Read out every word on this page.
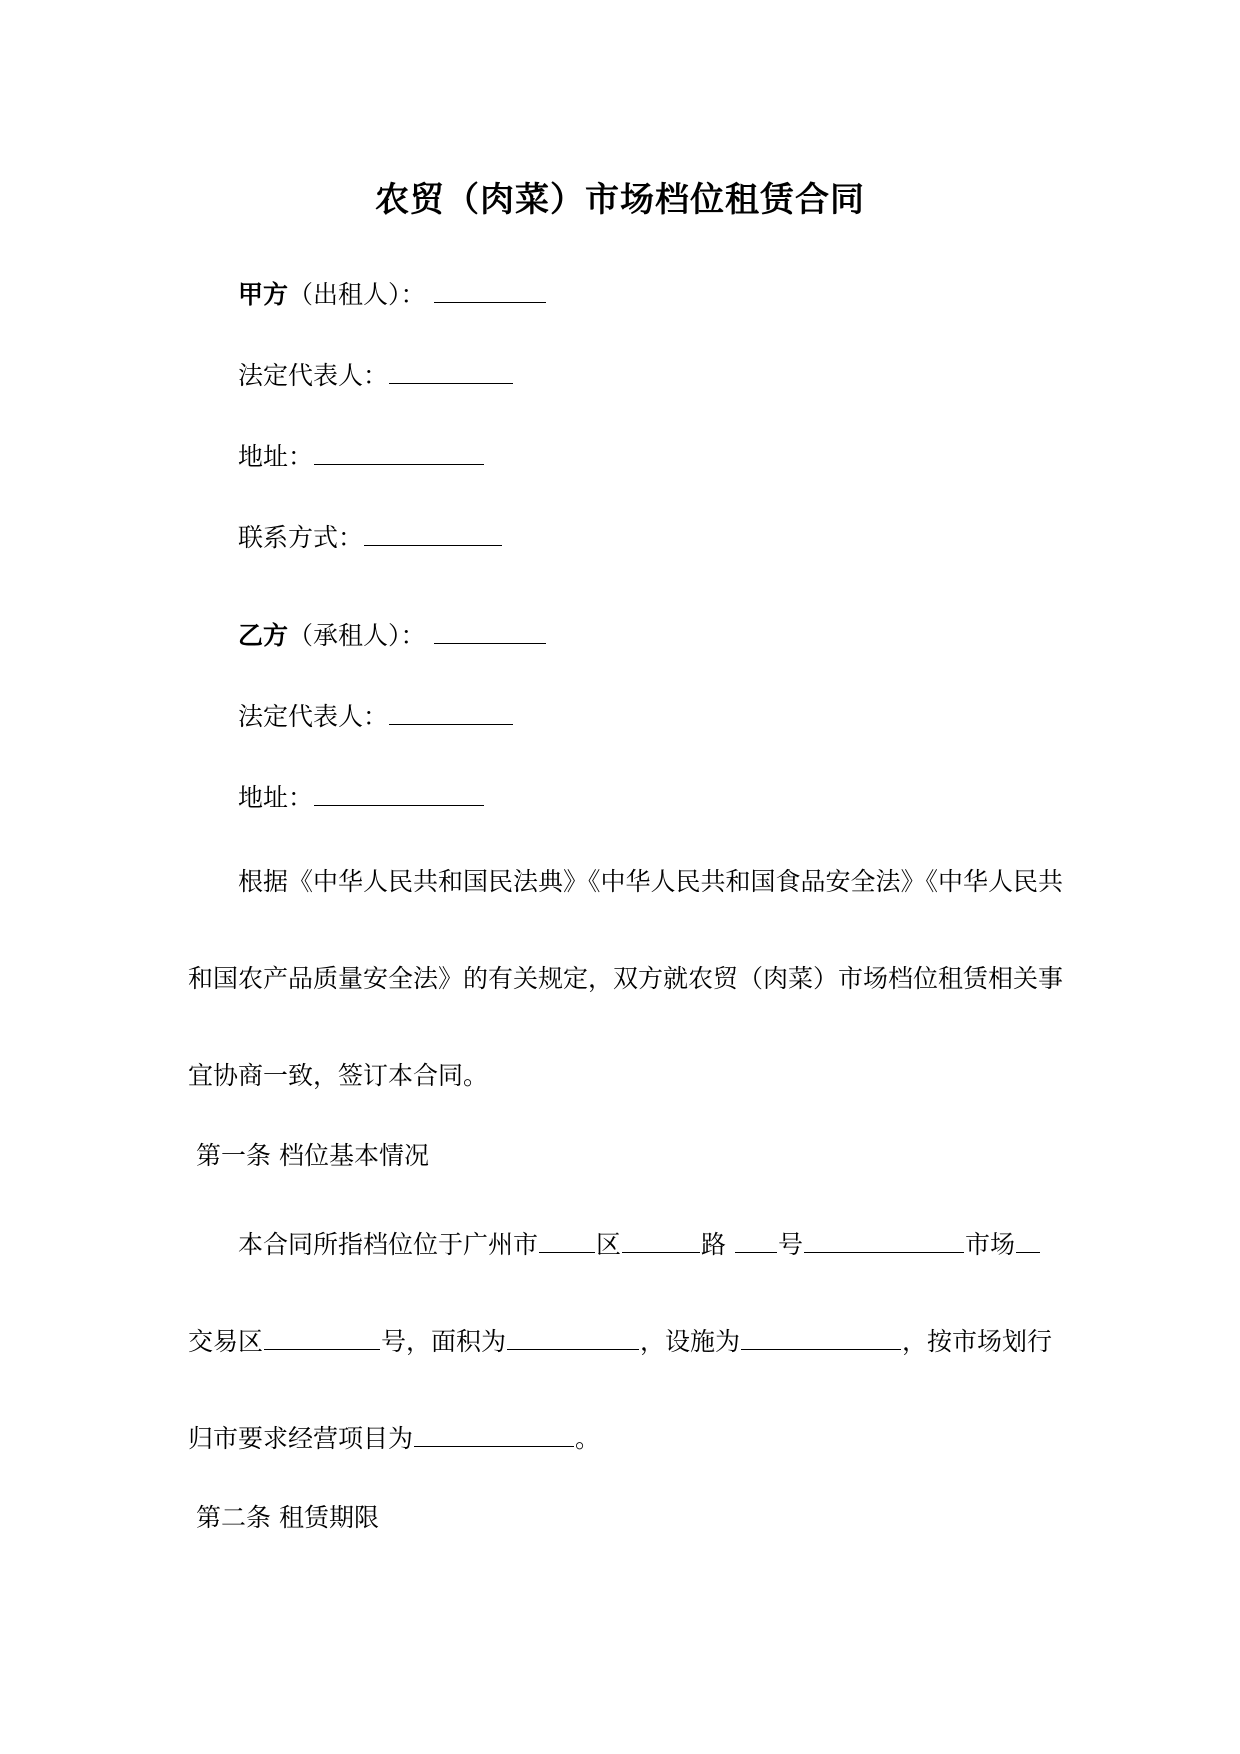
农贸（肉菜）市场档位租赁合同
甲方（出租人）：
法定代表人：
地址：
联系方式：
乙方（承租人）：
法定代表人：
地址：
根据《中华人民共和国民法典》《中华人民共和国食品安全法》《中华人民共
和国农产品质量安全法》的有关规定，双方就农贸（肉菜）市场档位租赁相关事
宜协商一致，签订本合同。
第一条 档位基本情况
本合同所指档位位于广州市 区	路 号	市场
交易区	号，面积为	，设施为	，按市场划行
归市要求经营项目为	。
第二条 租赁期限
